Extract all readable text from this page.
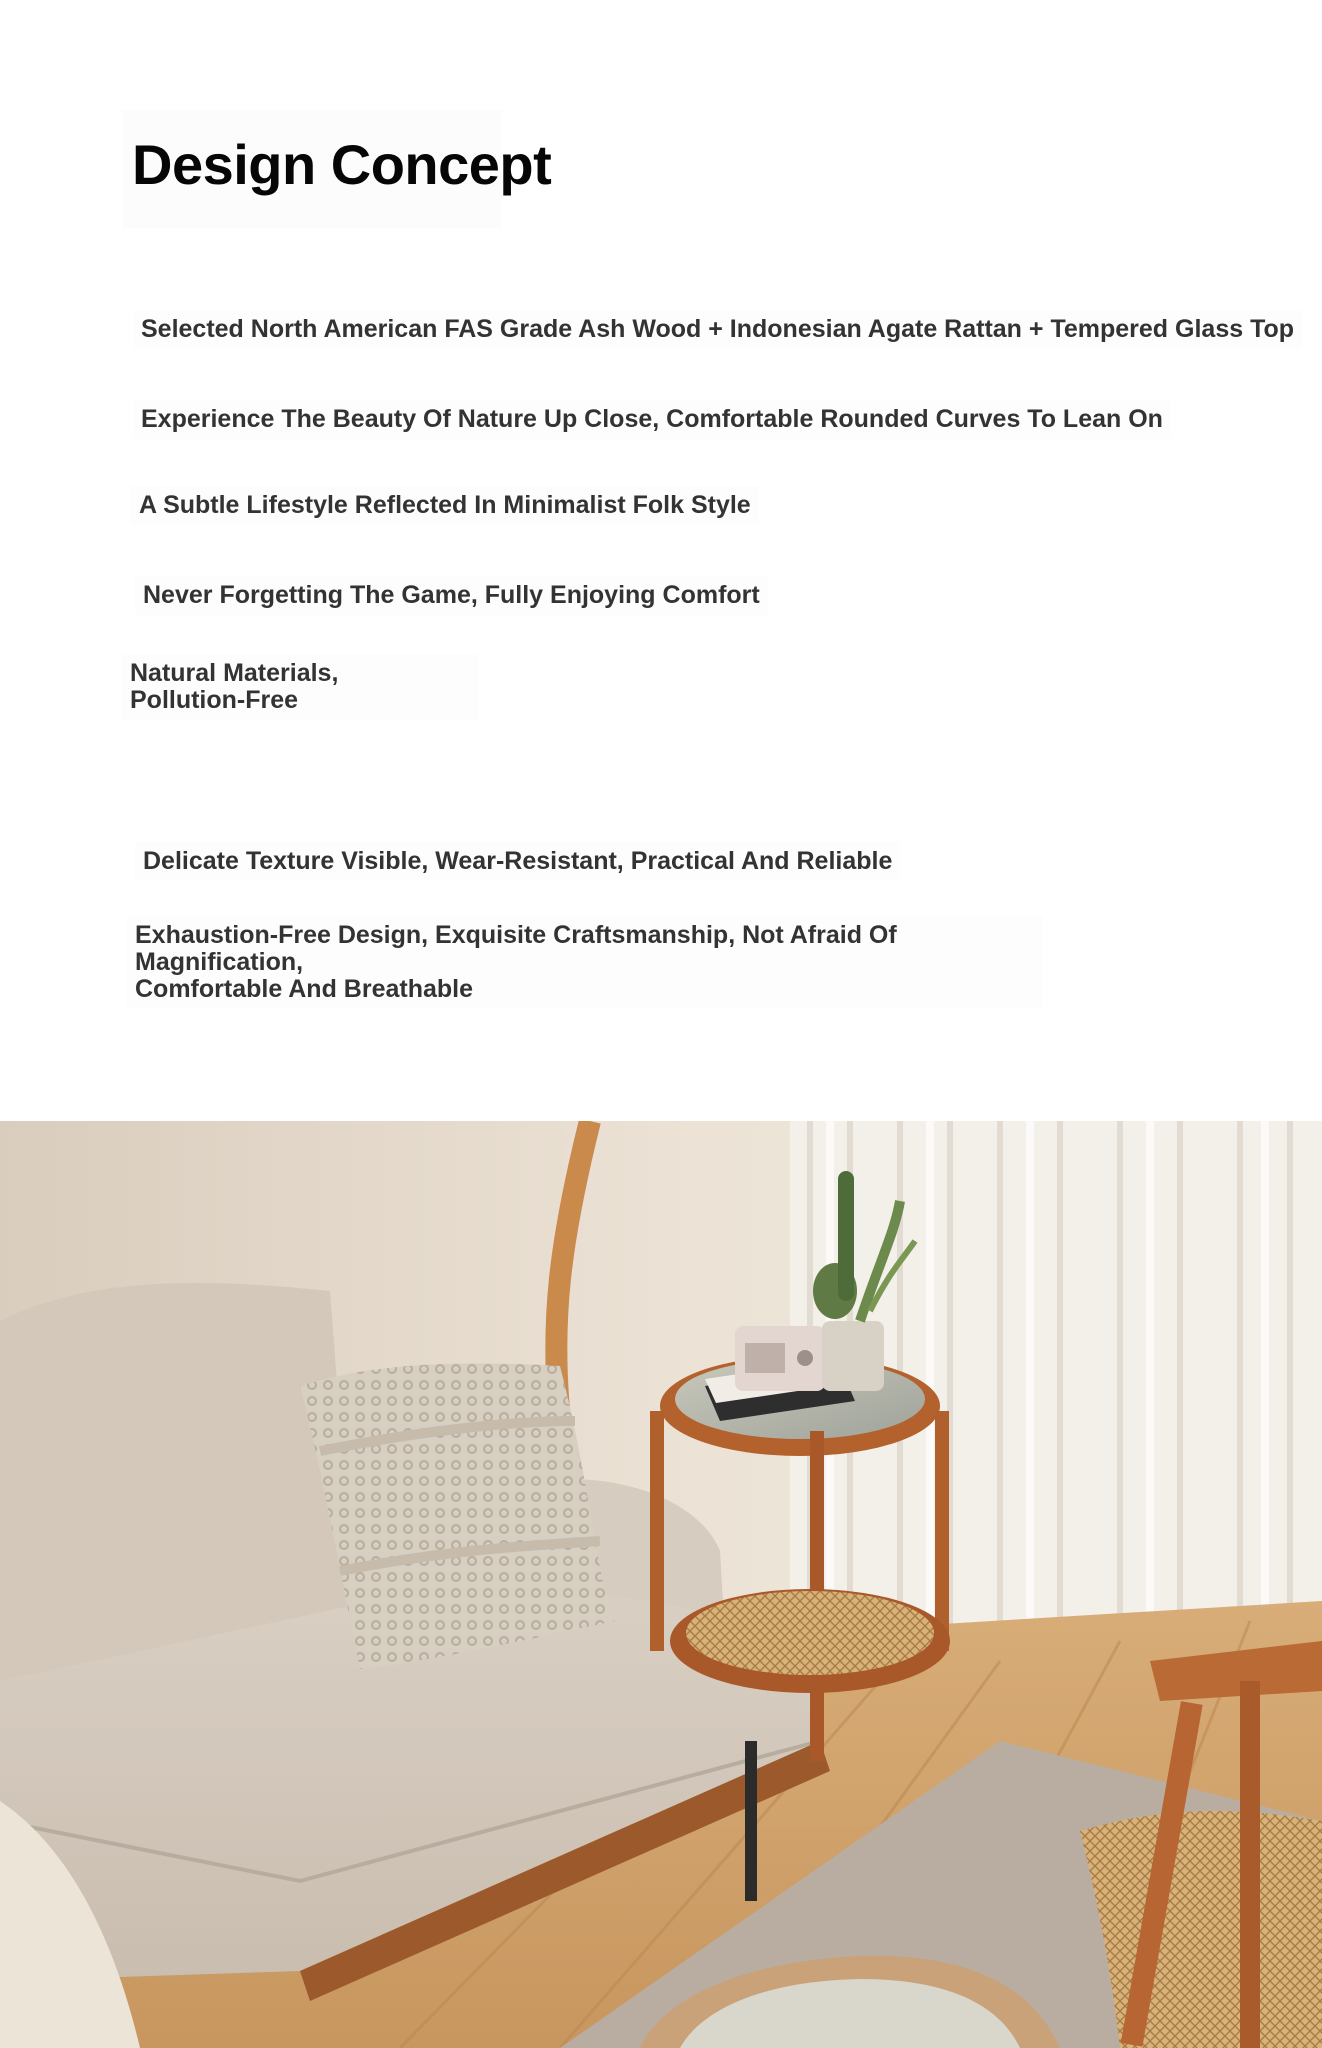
Design Concept
Selected North American FAS Grade Ash Wood + Indonesian Agate Rattan + Tempered Glass Top
Experience The Beauty Of Nature Up Close, Comfortable Rounded Curves To Lean On
A Subtle Lifestyle Reflected In Minimalist Folk Style
Never Forgetting The Game, Fully Enjoying Comfort
Natural Materials,
Pollution-Free
Delicate Texture Visible, Wear-Resistant, Practical And Reliable
Exhaustion-Free Design, Exquisite Craftsmanship, Not Afraid Of Magnification,
Comfortable And Breathable
